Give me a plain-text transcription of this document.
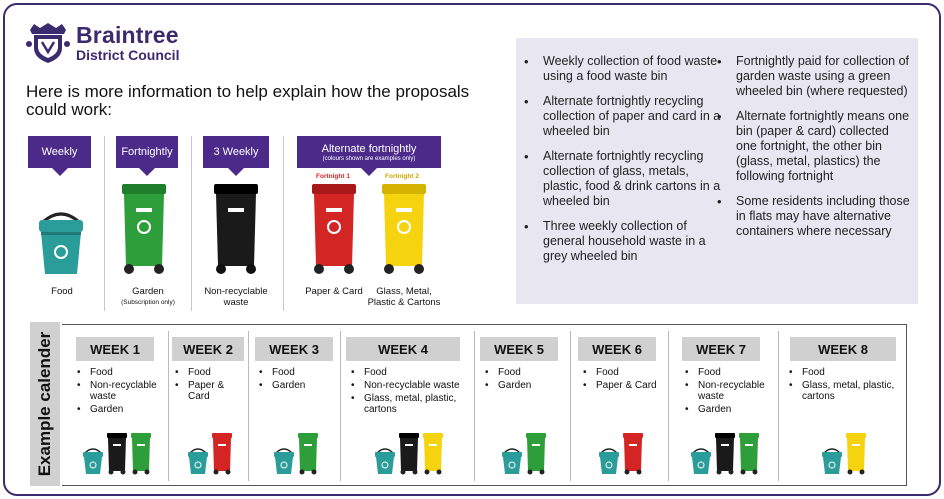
Braintree
District Council
Here is more information to help explain how the proposals could work:
Weekly	Fortnightly	3 Weekly	Alternate fortnightly
(colours shown are examples only)
Food	Garden
(Subscription only)
Non-recyclable waste
Fortnight 1	Fortnight 2
Paper & Card	Glass, Metal, Plastic & Cartons
• Weekly collection of food waste using a food waste bin
• Alternate fortnightly recycling collection of paper and card in a wheeled bin
• Alternate fortnightly recycling collection of glass, metals, plastic, food & drink cartons in a wheeled bin
• Three weekly collection of general household waste in a grey wheeled bin
• Fortnightly paid for collection of garden waste using a green wheeled bin (where requested)
• Alternate fortnightly means one bin (paper & card) collected one fortnight, the other bin (glass, metal, plastics) the following fortnight
• Some residents including those in flats may have alternative containers where necessary
Example calender	WEEK 1
• Food
• Non-recyclable waste
• Garden
WEEK 2
• Food
• Paper & Card
WEEK 3
• Food
• Garden
WEEK 4
• Food
• Non-recyclable waste
• Glass, metal, plastic, cartons
WEEK 5
• Food
• Garden
WEEK 6
• Food
• Paper & Card
WEEK 7
• Food
• Non-recyclable waste
• Garden
WEEK 8
• Food
• Glass, metal, plastic, cartons
